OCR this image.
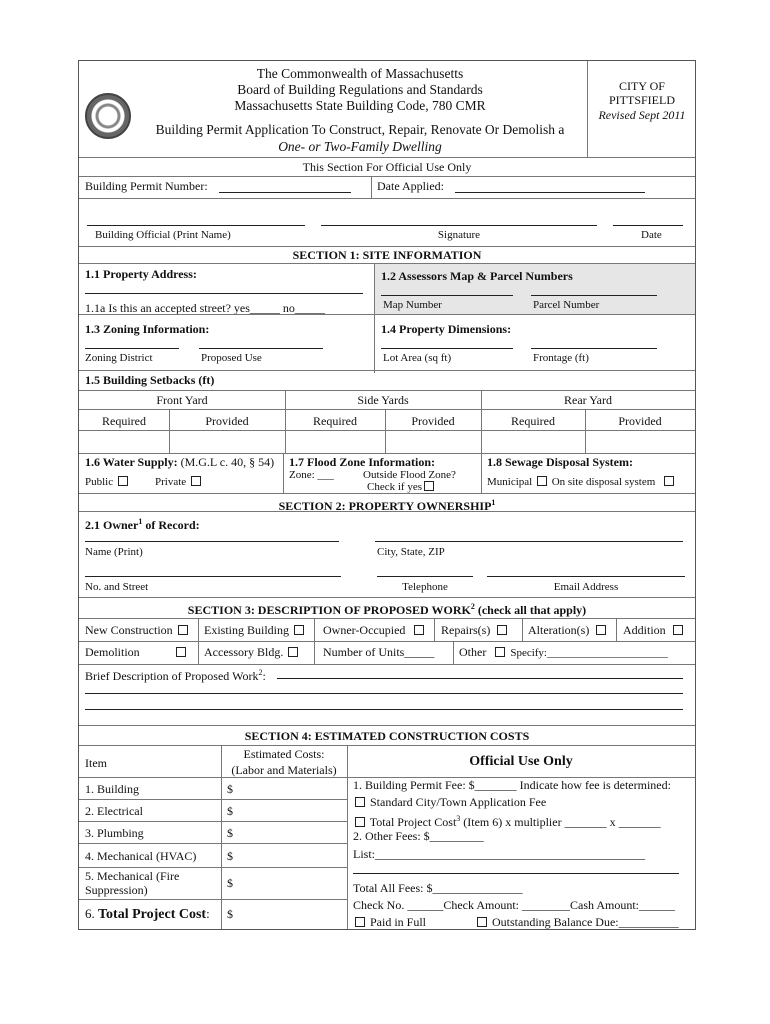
The Commonwealth of Massachusetts
Board of Building Regulations and Standards
Massachusetts State Building Code, 780 CMR
Building Permit Application To Construct, Repair, Renovate Or Demolish a
One- or Two-Family Dwelling
CITY OF
PITTSFIELD
Revised Sept 2011
This Section For Official Use Only
Building Permit Number:	Date Applied:
Building Official (Print Name)	Signature	Date
SECTION 1: SITE INFORMATION
1.1 Property Address:
1.1a Is this an accepted street? yes_____ no_____
1.2 Assessors Map & Parcel Numbers
Map Number	Parcel Number
1.3 Zoning Information:
Zoning District	Proposed Use
1.4 Property Dimensions:
Lot Area (sq ft)	Frontage (ft)
1.5 Building Setbacks (ft)
Front Yard	Side Yards	Rear Yard
Required	Provided	Required	Provided	Required	Provided
1.6 Water Supply: (M.G.L c. 40, § 54)
Public	Private
1.7 Flood Zone Information:
Zone: ___	Outside Flood Zone?
Check if yes
1.8 Sewage Disposal System:
Municipal On site disposal system
SECTION 2: PROPERTY OWNERSHIP$^1$
2.1 Owner$^1$ of Record:
Name (Print)	City, State, ZIP
No. and Street	Telephone	Email Address
SECTION 3: DESCRIPTION OF PROPOSED WORK$^2$ (check all that apply)
New Construction	Existing Building	Owner-Occupied	Repairs(s)	Alteration(s)	Addition
Demolition	Accessory Bldg.	Number of Units_____ Other Specify:______________________
Brief Description of Proposed Work$^2$:
SECTION 4: ESTIMATED CONSTRUCTION COSTS
Item
Estimated Costs:
(Labor and Materials)
Official Use Only
1. Building	$
2. Electrical	$
3. Plumbing	$
4. Mechanical (HVAC)	$
5. Mechanical (Fire
Suppression)	$
6. Total Project Cost: $
1. Building Permit Fee: $_______ Indicate how fee is determined:
Standard City/Town Application Fee
Total Project Cost$^3$ (Item 6) x multiplier _______ x _______
2. Other Fees: $_________
List:_____________________________________________
Total All Fees: $_______________
Check No. ______Check Amount: ________Cash Amount:______
Paid in Full	Outstanding Balance Due:__________
